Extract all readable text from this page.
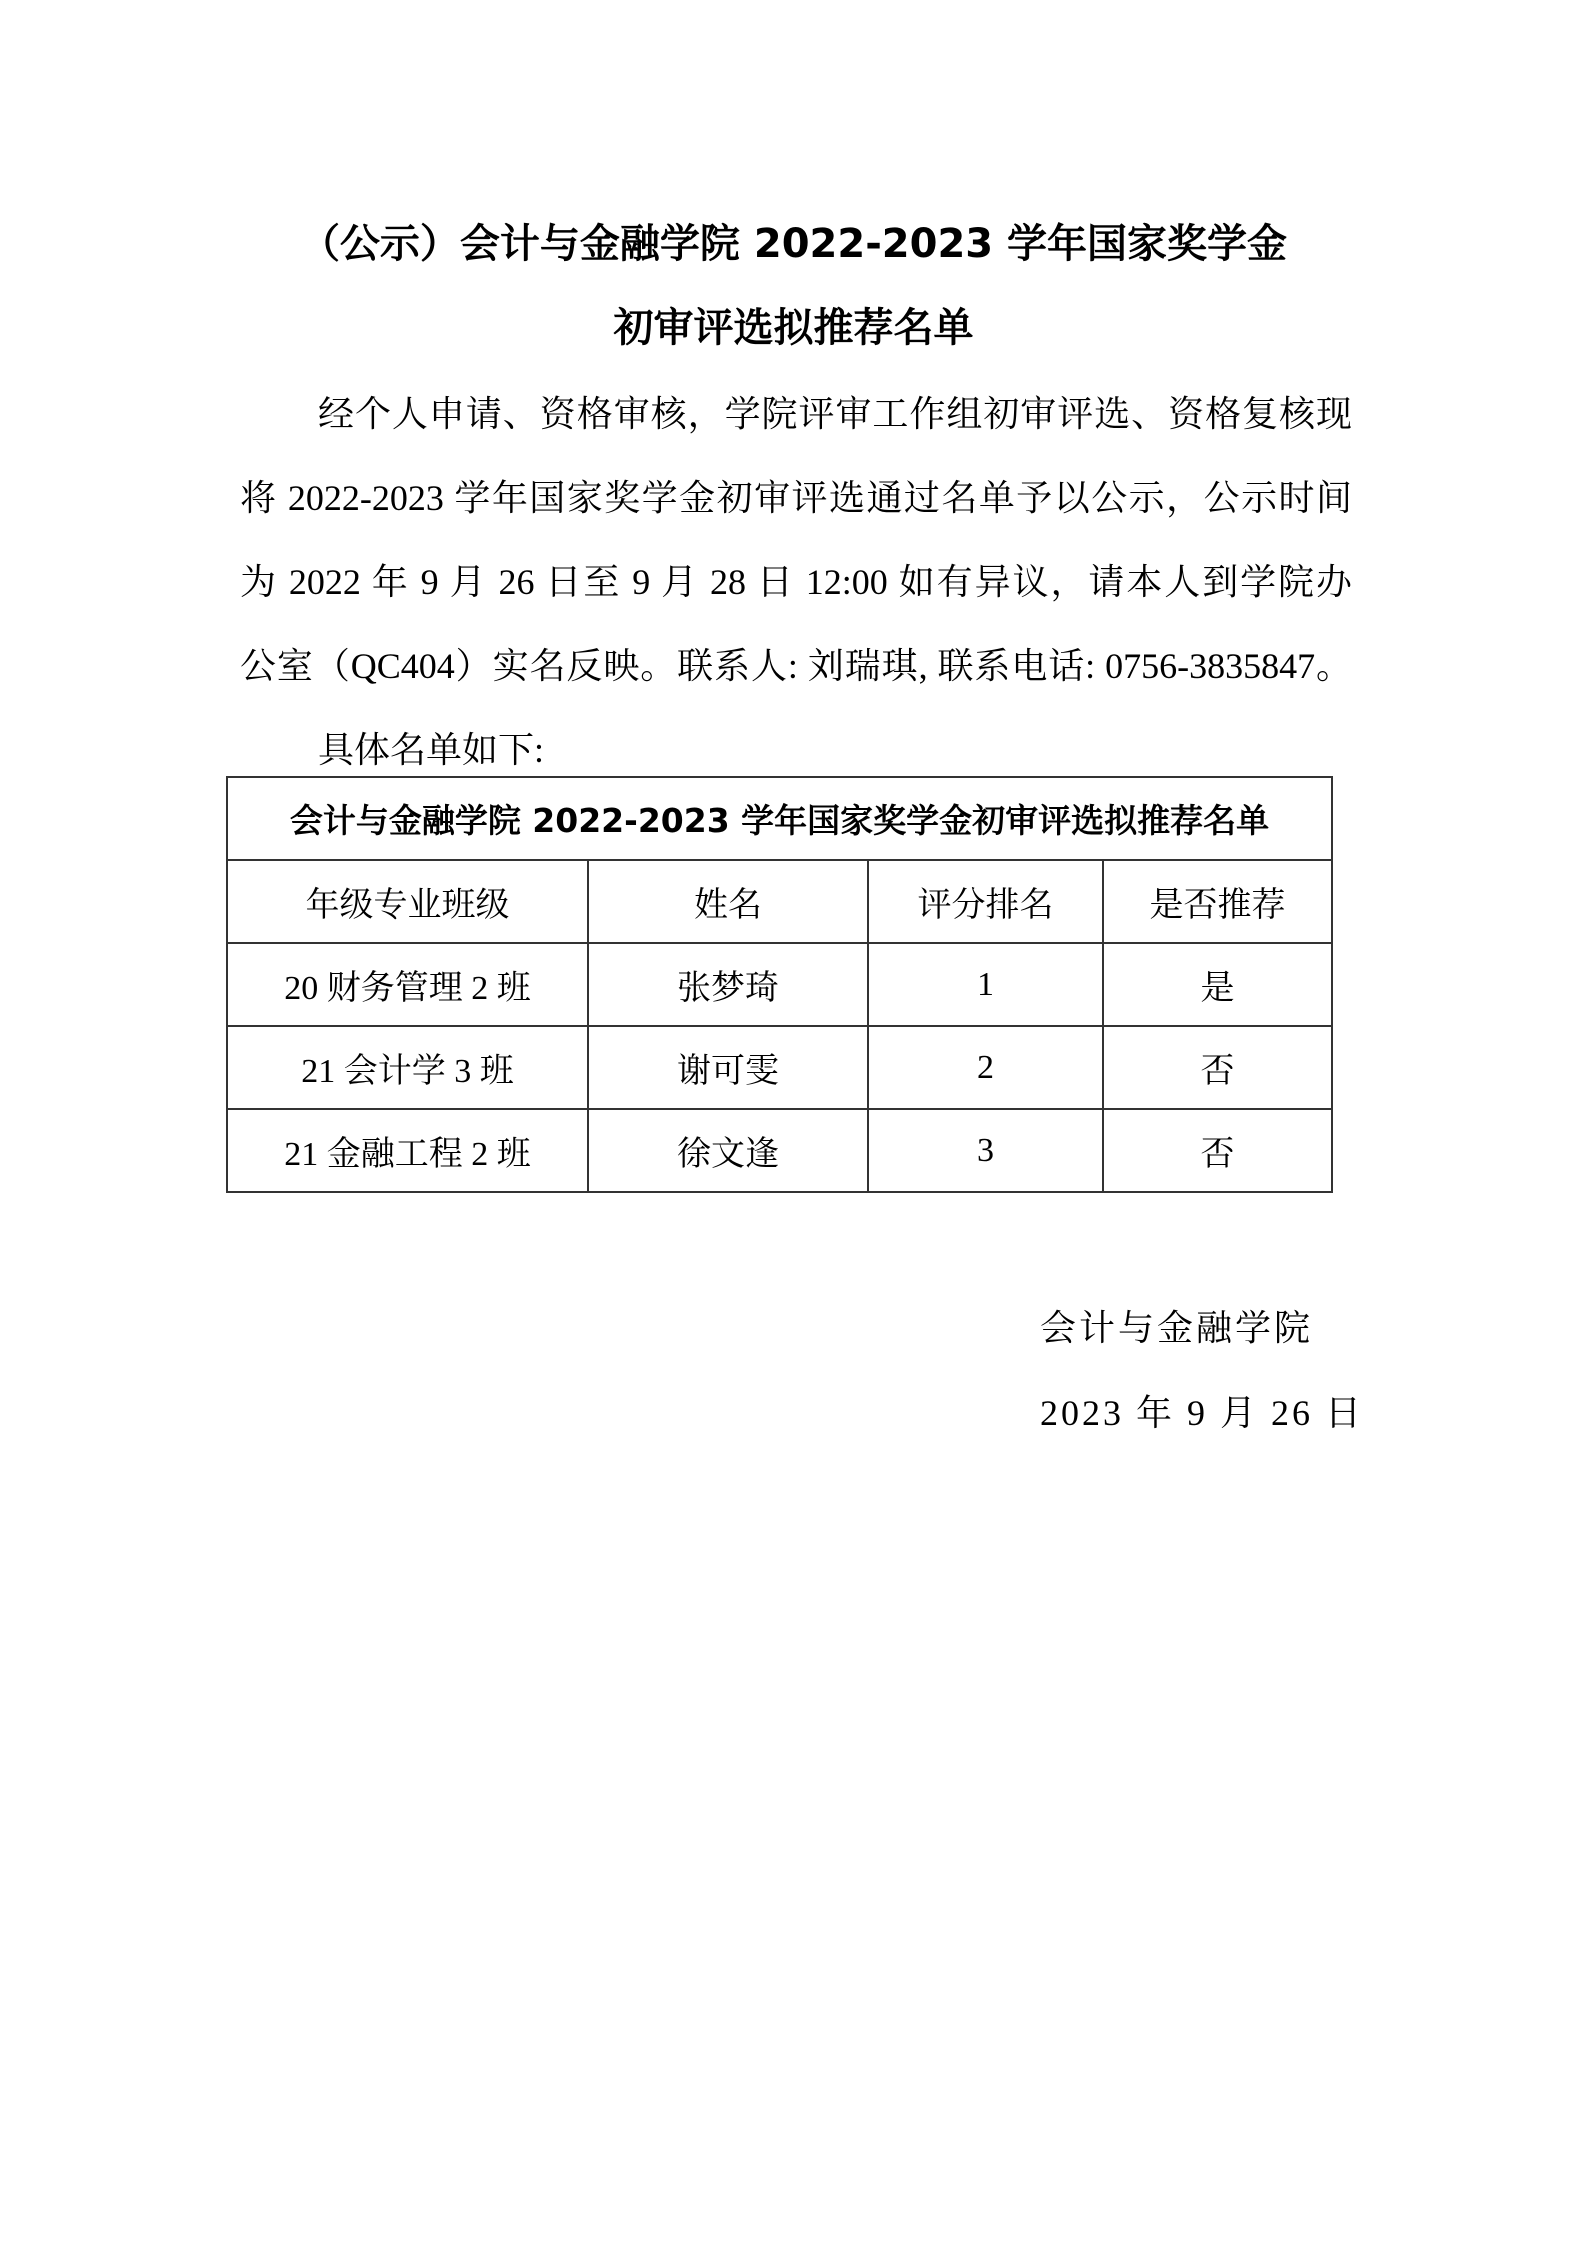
（公示）会计与金融学院 2022-2023 学年国家奖学金
初审评选拟推荐名单
经个人申请、资格审核，学院评审工作组初审评选、资格复核现
将 2022-2023 学年国家奖学金初审评选通过名单予以公示，公示时间
为 2022 年 9 月 26 日至 9 月 28 日 12:00 如有异议，请本人到学院办
公室（QC404）实名反映。联系人: 刘瑞琪, 联系电话: 0756-3835847。
具体名单如下:
会计与金融学院 2022-2023 学年国家奖学金初审评选拟推荐名单			
年级专业班级	姓名	评分排名	是否推荐
20 财务管理 2 班	张梦琦	1	是
21 会计学 3 班	谢可雯	2	否
21 金融工程 2 班	徐文逢	3	否
会计与金融学院
2023 年 9 月 26 日
